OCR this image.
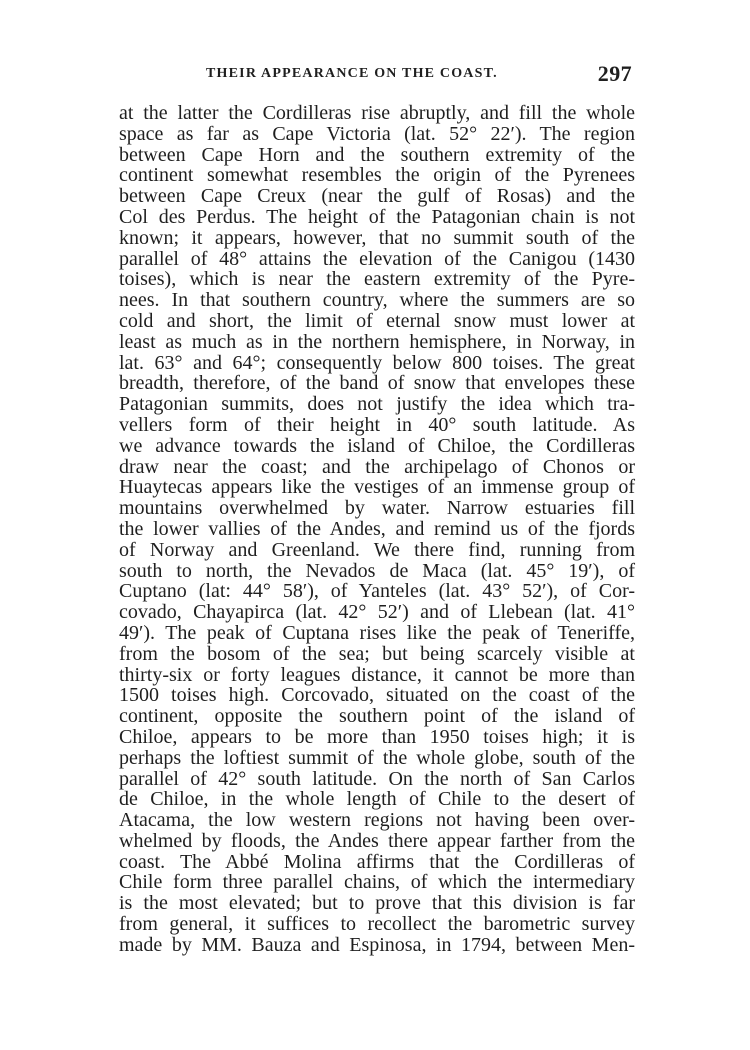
THEIR APPEARANCE ON THE COAST.	297
at the latter the Cordilleras rise abruptly, and fill the whole
space as far as Cape Victoria (lat. 52° 22′). The region
between Cape Horn and the southern extremity of the
continent somewhat resembles the origin of the Pyrenees
between Cape Creux (near the gulf of Rosas) and the
Col des Perdus. The height of the Patagonian chain is not
known; it appears, however, that no summit south of the
parallel of 48° attains the elevation of the Canigou (1430
toises), which is near the eastern extremity of the Pyre-
nees. In that southern country, where the summers are so
cold and short, the limit of eternal snow must lower at
least as much as in the northern hemisphere, in Norway, in
lat. 63° and 64°; consequently below 800 toises. The great
breadth, therefore, of the band of snow that envelopes these
Patagonian summits, does not justify the idea which tra-
vellers form of their height in 40° south latitude. As
we advance towards the island of Chiloe, the Cordilleras
draw near the coast; and the archipelago of Chonos or
Huaytecas appears like the vestiges of an immense group of
mountains overwhelmed by water. Narrow estuaries fill
the lower vallies of the Andes, and remind us of the fjords
of Norway and Greenland. We there find, running from
south to north, the Nevados de Maca (lat. 45° 19′), of
Cuptano (lat: 44° 58′), of Yanteles (lat. 43° 52′), of Cor-
covado, Chayapirca (lat. 42° 52′) and of Llebean (lat. 41°
49′). The peak of Cuptana rises like the peak of Teneriffe,
from the bosom of the sea; but being scarcely visible at
thirty-six or forty leagues distance, it cannot be more than
1500 toises high. Corcovado, situated on the coast of the
continent, opposite the southern point of the island of
Chiloe, appears to be more than 1950 toises high; it is
perhaps the loftiest summit of the whole globe, south of the
parallel of 42° south latitude. On the north of San Carlos
de Chiloe, in the whole length of Chile to the desert of
Atacama, the low western regions not having been over-
whelmed by floods, the Andes there appear farther from the
coast. The Abbé Molina affirms that the Cordilleras of
Chile form three parallel chains, of which the intermediary
is the most elevated; but to prove that this division is far
from general, it suffices to recollect the barometric survey
made by MM. Bauza and Espinosa, in 1794, between Men-
